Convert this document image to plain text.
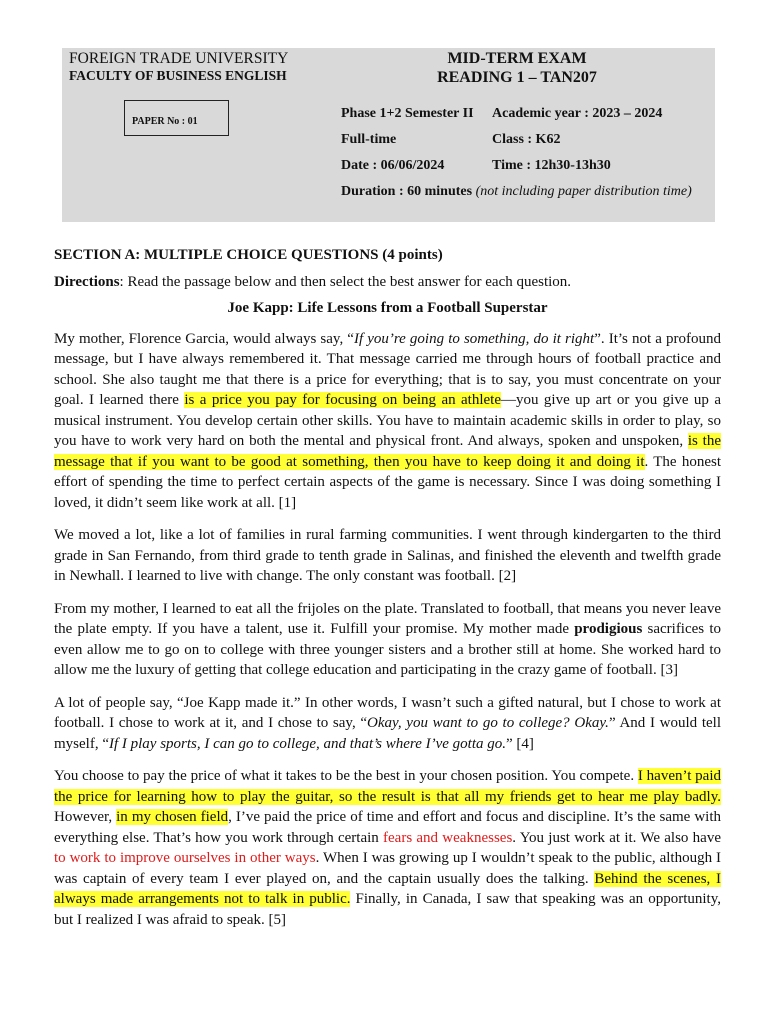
FOREIGN TRADE UNIVERSITY
FACULTY OF BUSINESS ENGLISH
PAPER No : 01
MID-TERM EXAM
READING 1 – TAN207
Phase 1+2 Semester II Academic year : 2023 – 2024
Full-time	Class : K62
Date : 06/06/2024	Time : 12h30-13h30
Duration : 60 minutes (not including paper distribution time)

SECTION A: MULTIPLE CHOICE QUESTIONS (4 points)

Directions: Read the passage below and then select the best answer for each question.

Joe Kapp: Life Lessons from a Football Superstar

My mother, Florence Garcia, would always say, “If you’re going to something, do it right”. It’s not a profound message, but I have always remembered it. That message carried me through hours of football practice and school. She also taught me that there is a price for everything; that is to say, you must concentrate on your goal. I learned there is a price you pay for focusing on being an athlete—you give up art or you give up a musical instrument. You develop certain other skills. You have to maintain academic skills in order to play, so you have to work very hard on both the mental and physical front. And always, spoken and unspoken, is the message that if you want to be good at something, then you have to keep doing it and doing it. The honest effort of spending the time to perfect certain aspects of the game is necessary. Since I was doing something I loved, it didn’t seem like work at all. [1]

We moved a lot, like a lot of families in rural farming communities. I went through kindergarten to the third grade in San Fernando, from third grade to tenth grade in Salinas, and finished the eleventh and twelfth grade in Newhall. I learned to live with change. The only constant was football. [2]

From my mother, I learned to eat all the frijoles on the plate. Translated to football, that means you never leave the plate empty. If you have a talent, use it. Fulfill your promise. My mother made prodigious sacrifices to even allow me to go on to college with three younger sisters and a brother still at home. She worked hard to allow me the luxury of getting that college education and participating in the crazy game of football. [3]

A lot of people say, “Joe Kapp made it.” In other words, I wasn’t such a gifted natural, but I chose to work at football. I chose to work at it, and I chose to say, “Okay, you want to go to college? Okay.” And I would tell myself, “If I play sports, I can go to college, and that’s where I’ve gotta go.” [4]

You choose to pay the price of what it takes to be the best in your chosen position. You compete. I haven’t paid the price for learning how to play the guitar, so the result is that all my friends get to hear me play badly. However, in my chosen field, I’ve paid the price of time and effort and focus and discipline. It’s the same with everything else. That’s how you work through certain fears and weaknesses. You just work at it. We also have to work to improve ourselves in other ways. When I was growing up I wouldn’t speak to the public, although I was captain of every team I ever played on, and the captain usually does the talking. Behind the scenes, I always made arrangements not to talk in public. Finally, in Canada, I saw that speaking was an opportunity, but I realized I was afraid to speak. [5]
